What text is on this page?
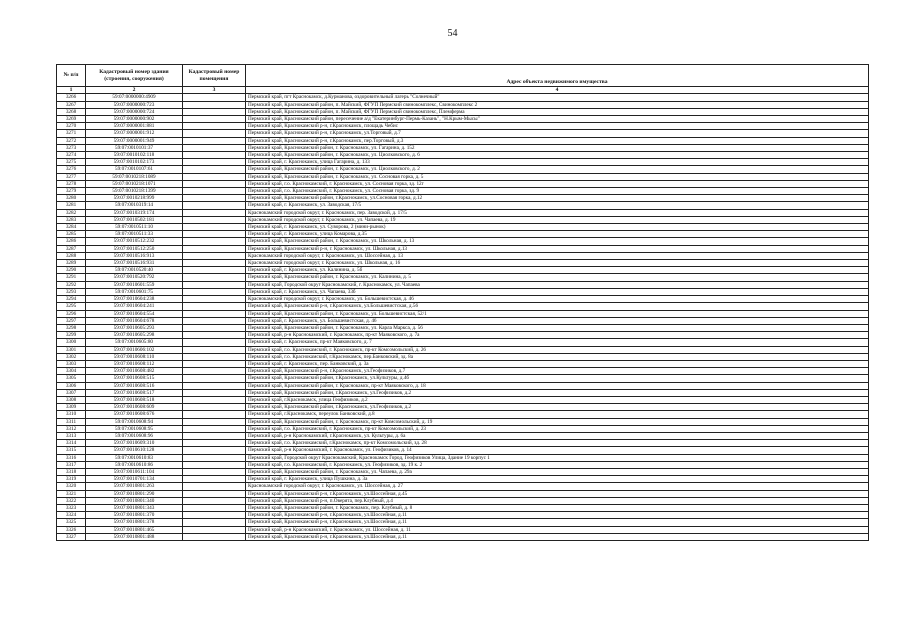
54
№ п/п	Кадастровый номер здания (строения, сооружения)	Кадастровый номер помещения	Адрес объекта недвижимого имущества
1	2	3	4
3266	59:07:0000000:4909		Пермский край, пгт Краснокамск, д.Курманова, оздоровительный лагерь "Солнечный"
3267	59:07:0000000:723		Пермский край, Краснокамский район, п. Майский, ФГУП Пермский свинокомплекс, Свинокомплекс 2
3268	59:07:0000000:724		Пермский край, Краснокамский район, п. Майский, ФГУП Пермский свинокомплекс, Племферма
3269	59:07:0000000:902		Пермский край, Краснокамский район, пересечение а/д "Екатеринбург-Пермь-Казань", "Н.Крым-Мысы"
3270	59:07:0000001:881		Пермский край, Краснокамский р-н, г.Краснокамск, площадь Чебис
3271	59:07:0000001:912		Пермский край, Краснокамский р-н, г.Краснокамск, ул.Торговый, д.7
3272	59:07:0000001:949		Пермский край, Краснокамский р-н, г.Краснокамск, пер.Торговый, д.3
3273	59:07:0010101:37		Пермский край, Краснокамский район, г. Краснокамск, ул. Гагарина, д. 152
3274	59:07:0010102:118		Пермский край, Краснокамский район, г. Краснокамск, ул. Циолковского, д. 6
3275	59:07:0010102:173		Пермский край, г. Краснокамск, улица Гагарина, д. 133
3276	59:07:0010107:61		Пермский край, Краснокамский район, г. Краснокамск, ул. Циолковского, д. 2
3277	59:07:0010218:1089		Пермский край, Краснокамский район, г. Краснокамск, ул. Сосновая горка, д. 5
3278	59:07:0010218:1071		Пермский край, г.о. Краснокамский, г. Краснокамск, ул. Сосновая горка, зд. 12г
3279	59:07:0010218:1399		Пермский край, г.о. Краснокамский, г. Краснокамск, ул. Сосновая горка, зд. 9
3280	59:07:0010218:999		Пермский край, Краснокамский район, г.Краснокамск, ул.Сосновая горка, д.12
3281	59:07:0010319:14		Пермский край, г. Краснокамск, ул. Заводская, 17/5
3282	59:07:0010319:174		Краснокамский городской округ, г. Краснокамск, пер. Заводской, д. 17/5
3283	59:07:0010502:181		Краснокамский городской округ, г. Краснокамск, ул. Чапаева, д. 19
3284	59:07:0010511:10		Пермский край, г. Краснокамск, ул. Суворова, 2 (мини-рынок)
3285	59:07:0010511:33		Пермский край, г. Краснокамск, улица Комарова, д.35
3286	59:07:0010512:232		Пермский край, Краснокамский район, г. Краснокамск, ул. Школьная, д. 13
3287	59:07:0010512:250		Пермский край, Краснокамский р-н, г. Краснокамск, ул. Школьная, д.13
3288	59:07:0010516:913		Краснокамский городской округ, г. Краснокамск, ул. Шоссейная, д. 13
3289	59:07:0010516:931		Краснокамский городской округ, г. Краснокамск, ул. Школьная, д. 16
3290	59:07:0010520:40		Пермский край, г. Краснокамск, ул. Калинина, д. 5б
3291	59:07:0010520:792		Пермский край, Краснокамский район, г. Краснокамск, ул. Калинина, д. 5
3292	59:07:0010601:559		Пермский край, Городской округ Краснокамский, г. Краснокамск, ул. Чапаева
3293	59:07:0010601:75		Пермский край, г. Краснокамск, ул. Чапаева, 33б
3294	59:07:0010604:238		Краснокамский городской округ, г. Краснокамск, ул. Большевистская, д. 46
3295	59:07:0010604:241		Пермский край, Краснокамский р-н, г.Краснокамск, ул.Большевистская, д.56
3296	59:07:0010604:554		Пермский край, Краснокамский район, г. Краснокамск, ул. Большевистская, 52/1
3297	59:07:0010604:678		Пермский край, г. Краснокамск, ул. Большевистская, д. 46
3298	59:07:0010605:293		Пермский край, Краснокамский район, г. Краснокамск, ул. Карла Маркса, д. 56
3299	59:07:0010605:298		Пермский край, р-н Краснокамский, г. Краснокамск, пр-кт Маяковского, д. 7а
3300	59:07:0010605:80		Пермский край, г. Краснокамск, пр-кт Маяковского, д. 7
3301	59:07:0010606:102		Пермский край, г.о. Краснокамский, г. Краснокамск, пр-кт Комсомольский, д. 26
3302	59:07:0010608:110		Пермский край, г.о. Краснокамский, г.Краснокамск, пер.Банковский, зд. 8а
3303	59:07:0010608:112		Пермский край, г. Краснокамск, пер. Банковский, д. 3а
3304	59:07:0010608:482		Пермский край, Краснокамский р-н, г.Краснокамск, ул.Геофизиков, д.7
3305	59:07:0010608:515		Пермский край, Краснокамский район, г.Краснокамск, ул.Культуры, д.4б
3306	59:07:0010608:516		Пермский край, Краснокамский район, г. Краснокамск, пр-кт Маяковского, д. 18
3307	59:07:0010608:517		Пермский край, Краснокамский район, г.Краснокамск, ул.Геофизиков, д.2
3308	59:07:0010608:518		Пермский край, г.Краснокамск, улица Геофизиков, д.2
3309	59:07:0010608:609		Пермский край, Краснокамский район, г.Краснокамск, ул.Геофизиков, д.2
3310	59:07:0010608:676		Пермский край, г.Краснокамск, переулок Банковский, д.8
3311	59:07:0010608:94		Пермский край, Краснокамский район, г. Краснокамск, пр-кт Комсомольский, д. 19
3312	59:07:0010608:95		Пермский край, г.о. Краснокамский, г. Краснокамск, пр-кт Комсомольский, д. 23
3313	59:07:0010608:96		Пермский край, р-н Краснокамский, г.Краснокамск, ул. Культуры, д. 6а
3314	59:07:0010609:310		Пермский край, г.о. Краснокамский, г.Краснокамск, пр-кт Комсомольский, зд. 28
3315	59:07:0010610:128		Пермский край, р-н Краснокамский, г. Краснокамск, ул. Геофизиков, д. 14
3316	59:07:0010610:83		Пермский край, Городской округ Краснокамский, Краснокамск Город, Геофизиков Улица, Здание 19 корпус 1
3317	59:07:0010610:86		Пермский край, г.о. Краснокамский, г. Краснокамск, ул. Геофизиков, зд. 19 к. 2
3318	59:07:0010611:104		Пермский край, Краснокамский район, г. Краснокамск, ул. Чапаева, д. 29а
3319	59:07:0010701:134		Пермский край, г. Краснокамск, улица Пушкина, д. 3а
3320	59:07:0010801:263		Краснокамский городской округ, г. Краснокамск, ул. Шоссейная, д. 27
3321	59:07:0010801:290		Пермский край, Краснокамский р-н, г.Краснокамск, ул.Шоссейная, д.45
3322	59:07:0010801:340		Пермский край, Краснокамский р-н, п.Оверята, пер.Клубный, д.4
3323	59:07:0010801:343		Пермский край, Краснокамский район, г. Краснокамск, пер. Клубный, д. 8
3324	59:07:0010801:370		Пермский край, Краснокамский р-н, г.Краснокамск, ул.Шоссейная, д.11
3325	59:07:0010801:378		Пермский край, Краснокамский р-н, г.Краснокамск, ул.Шоссейная, д.11
3326	59:07:0010801:465		Пермский край, р-н Краснокамский, г. Краснокамск, ул. Шоссейная, д. 11
3327	59:07:0010801:488		Пермский край, Краснокамский р-н, г.Краснокамск, ул.Шоссейная, д.11
